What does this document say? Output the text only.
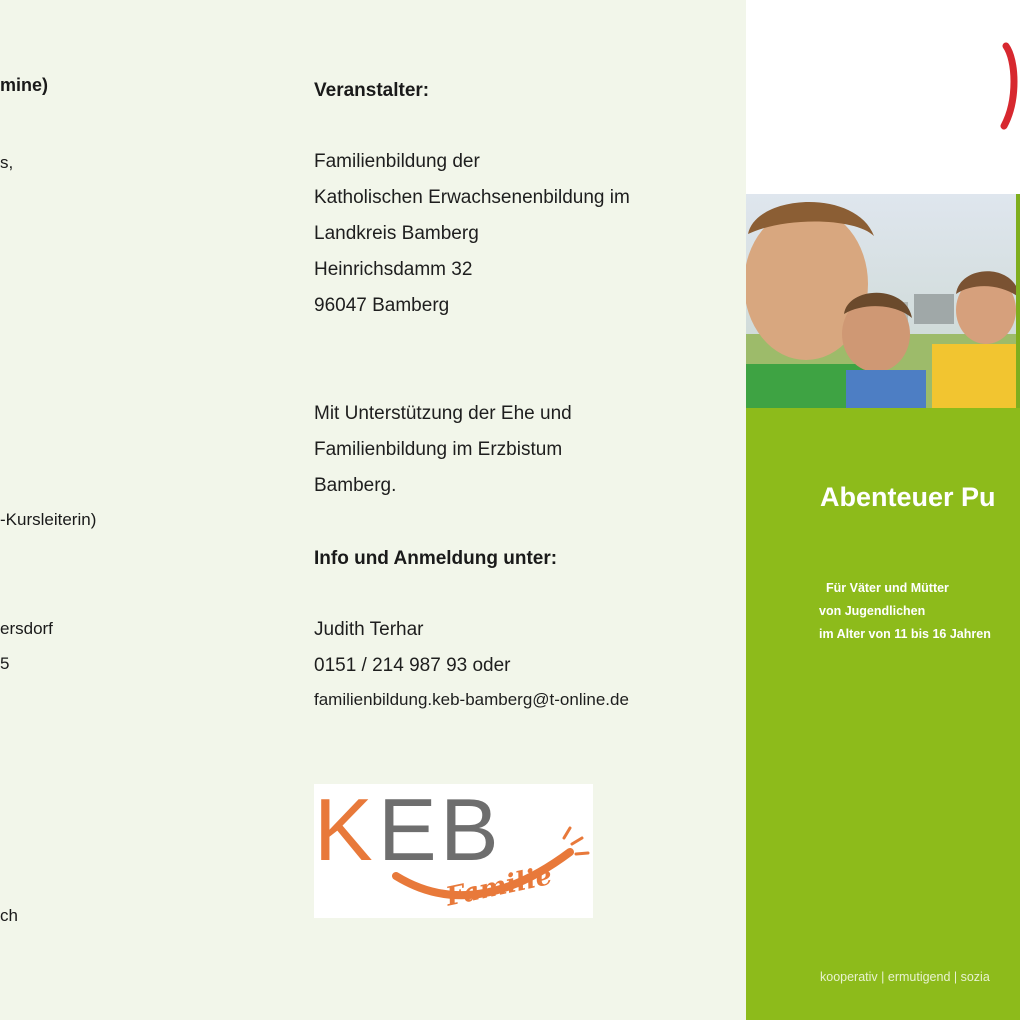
mine)
s,
-Kursleiterin)
ersdorf
5
ch
Veranstalter:
Familienbildung der
Katholischen Erwachsenenbildung im
Landkreis Bamberg
Heinrichsdamm 32
96047 Bamberg
Mit Unterstützung der Ehe und
Familienbildung im Erzbistum
Bamberg.
Info und Anmeldung unter:
Judith Terhar
0151 / 214 987 93 oder
familienbildung.keb-bamberg@t-online.de
K E B
Familie
Abenteuer Pu
Für Väter und Mütter
von Jugendlichen
im Alter von 11 bis 16 Jahren
kooperativ | ermutigend | sozia
